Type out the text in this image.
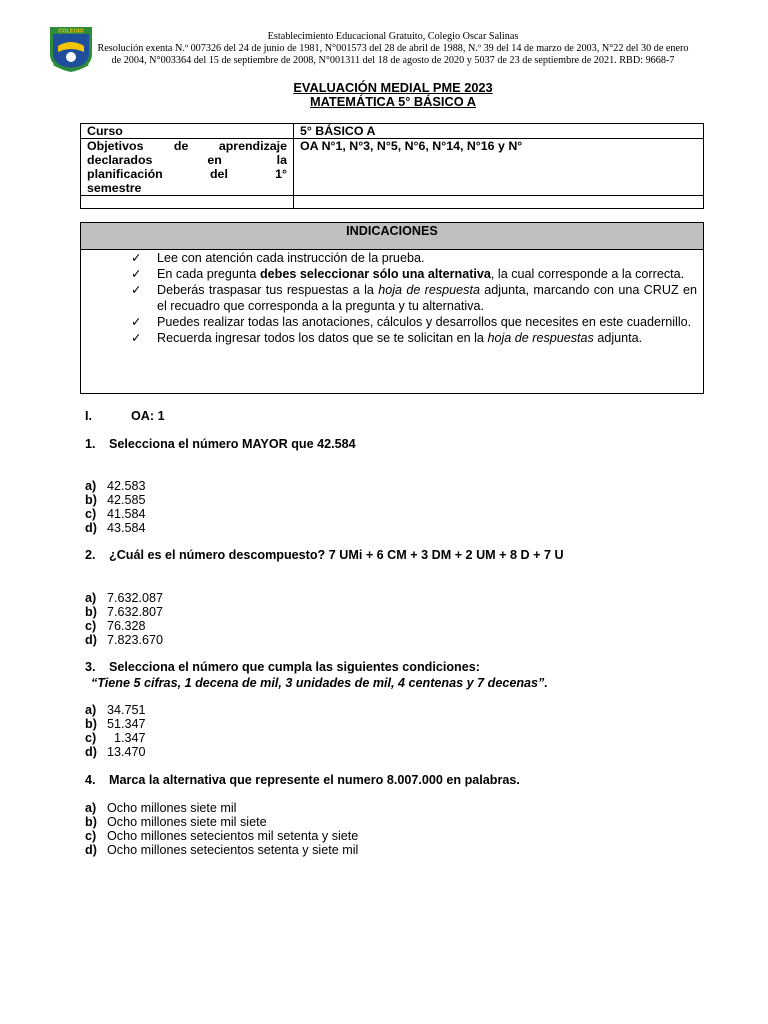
COLEGIO	Establecimiento Educacional Gratuito, Colegio Oscar Salinas
Resolución exenta N.º 007326 del 24 de junio de 1981, N°001573 del 28 de abril de 1988, N.º 39 del 14 de marzo de 2003, N°22 del 30 de enero
de 2004, N°003364 del 15 de septiembre de 2008, N°001311 del 18 de agosto de 2020 y 5037 de 23 de septiembre de 2021. RBD: 9668-7
EVALUACIÓN MEDIAL PME 2023
MATEMÁTICA 5° BÁSICO A
Curso	5° BÁSICO A

Objetivos de aprendizaje
declarados en la
planificación del 1°
semestre	OA N°1, N°3, N°5, N°6, N°14, N°16 y N°

INDICACIONES
✓	Lee con atención cada instrucción de la prueba.
✓	En cada pregunta debes seleccionar sólo una alternativa, la cual corresponde a la correcta.
✓	Deberás traspasar tus respuestas a la hoja de respuesta adjunta, marcando con una CRUZ en el recuadro que corresponda a la pregunta y tu alternativa.
✓	Puedes realizar todas las anotaciones, cálculos y desarrollos que necesites en este cuadernillo.
✓	Recuerda ingresar todos los datos que se te solicitan en la hoja de respuestas adjunta.
I.	OA: 1
1. Selecciona el número MAYOR que 42.584
a) 42.583
b) 42.585
c) 41.584
d) 43.584
2. ¿Cuál es el número descompuesto? 7 UMi + 6 CM + 3 DM + 2 UM + 8 D + 7 U
a) 7.632.087
b) 7.632.807
c) 76.328
d) 7.823.670
3. Selecciona el número que cumpla las siguientes condiciones:
“Tiene 5 cifras, 1 decena de mil, 3 unidades de mil, 4 centenas y 7 decenas”.
a) 34.751
b) 51.347
c)  1.347
d) 13.470
4. Marca la alternativa que represente el numero 8.007.000 en palabras.
a) Ocho millones siete mil
b) Ocho millones siete mil siete
c) Ocho millones setecientos mil setenta y siete
d) Ocho millones setecientos setenta y siete mil
